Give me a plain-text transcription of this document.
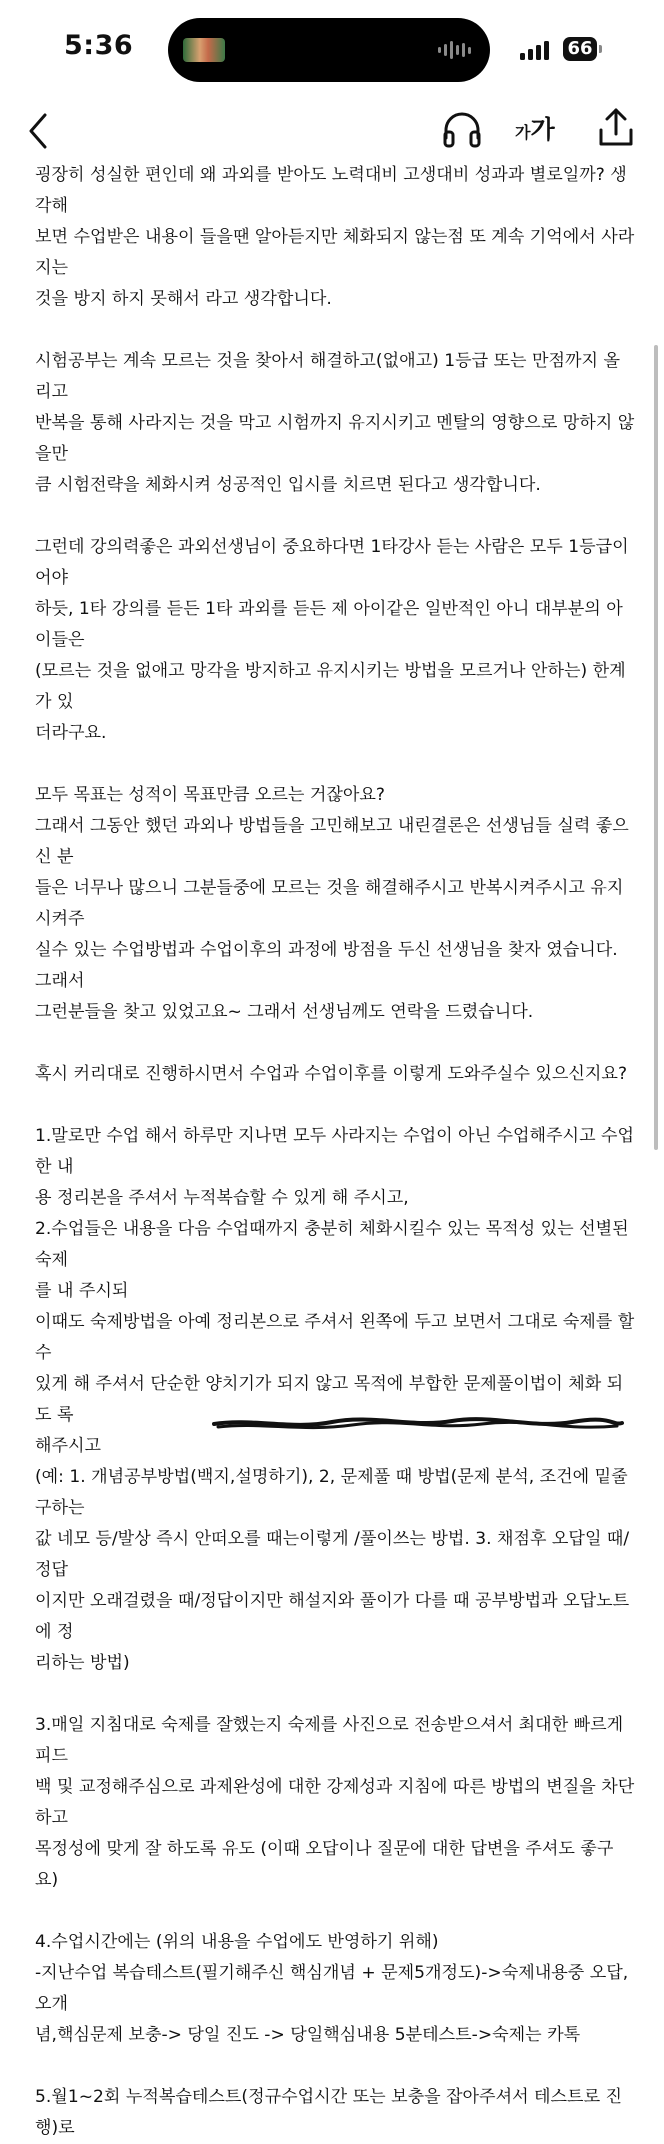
5:36	66
가가

굉장히 성실한 편인데 왜 과외를 받아도 노력대비 고생대비 성과과 별로일까? 생각해
보면 수업받은 내용이 들을땐 알아듣지만 체화되지 않는점 또 계속 기억에서 사라지는
것을 방지 하지 못해서 라고 생각합니다.

시험공부는 계속 모르는 것을 찾아서 해결하고(없애고) 1등급 또는 만점까지 올리고
반복을 통해 사라지는 것을 막고 시험까지 유지시키고 멘탈의 영향으로 망하지 않을만
큼 시험전략을 체화시켜 성공적인 입시를 치르면 된다고 생각합니다.

그런데 강의력좋은 과외선생님이 중요하다면 1타강사 듣는 사람은 모두 1등급이어야
하듯, 1타 강의를 듣든 1타 과외를 듣든 제 아이같은 일반적인 아니 대부분의 아이들은
(모르는 것을 없애고 망각을 방지하고 유지시키는 방법을 모르거나 안하는) 한계가 있
더라구요.

모두 목표는 성적이 목표만큼 오르는 거잖아요?
그래서 그동안 했던 과외나 방법들을 고민해보고 내린결론은 선생님들 실력 좋으신 분
들은 너무나 많으니 그분들중에 모르는 것을 해결해주시고 반복시켜주시고 유지시켜주
실수 있는 수업방법과 수업이후의 과정에 방점을 두신 선생님을 찾자 였습니다. 그래서
그런분들을 찾고 있었고요~ 그래서 선생님께도 연락을 드렸습니다.

혹시 커리대로 진행하시면서 수업과 수업이후를 이렇게 도와주실수 있으신지요?

1.말로만 수업 해서 하루만 지나면 모두 사라지는 수업이 아닌 수업해주시고 수업한 내
용 정리본을 주셔서 누적복습할 수 있게 해 주시고,
2.수업들은 내용을 다음 수업때까지 충분히 체화시킬수 있는 목적성 있는 선별된 숙제
를 내 주시되
이때도 숙제방법을 아예 정리본으로 주셔서 왼쪽에 두고 보면서 그대로 숙제를 할수
있게 해 주셔서 단순한 양치기가 되지 않고 목적에 부합한 문제풀이법이 체화 되도 록
해주시고
(예: 1. 개념공부방법(백지,설명하기), 2, 문제풀 때 방법(문제 분석, 조건에 밑줄 구하는
값 네모 등/발상 즉시 안떠오를 때는이렇게 /풀이쓰는 방법. 3. 채점후 오답일 때/정답
이지만 오래걸렸을 때/정답이지만 해설지와 풀이가 다를 때 공부방법과 오답노트에 정
리하는 방법)

3.매일 지침대로 숙제를 잘했는지 숙제를 사진으로 전송받으셔서 최대한 빠르게 피드
백 및 교정해주심으로 과제완성에 대한 강제성과 지침에 따른 방법의 변질을 차단하고
목정성에 맞게 잘 하도록 유도 (이때 오답이나 질문에 대한 답변을 주셔도 좋구요)

4.수업시간에는 (위의 내용을 수업에도 반영하기 위해)
-지난수업 복습테스트(필기해주신 핵심개념 + 문제5개정도)->숙제내용중 오답,오개
념,핵심문제 보충-> 당일 진도 -> 당일핵심내용 5분테스트->숙제는 카톡

5.월1~2회 누적복습테스트(정규수업시간 또는 보충을 잡아주셔서 테스트로 진행)로
